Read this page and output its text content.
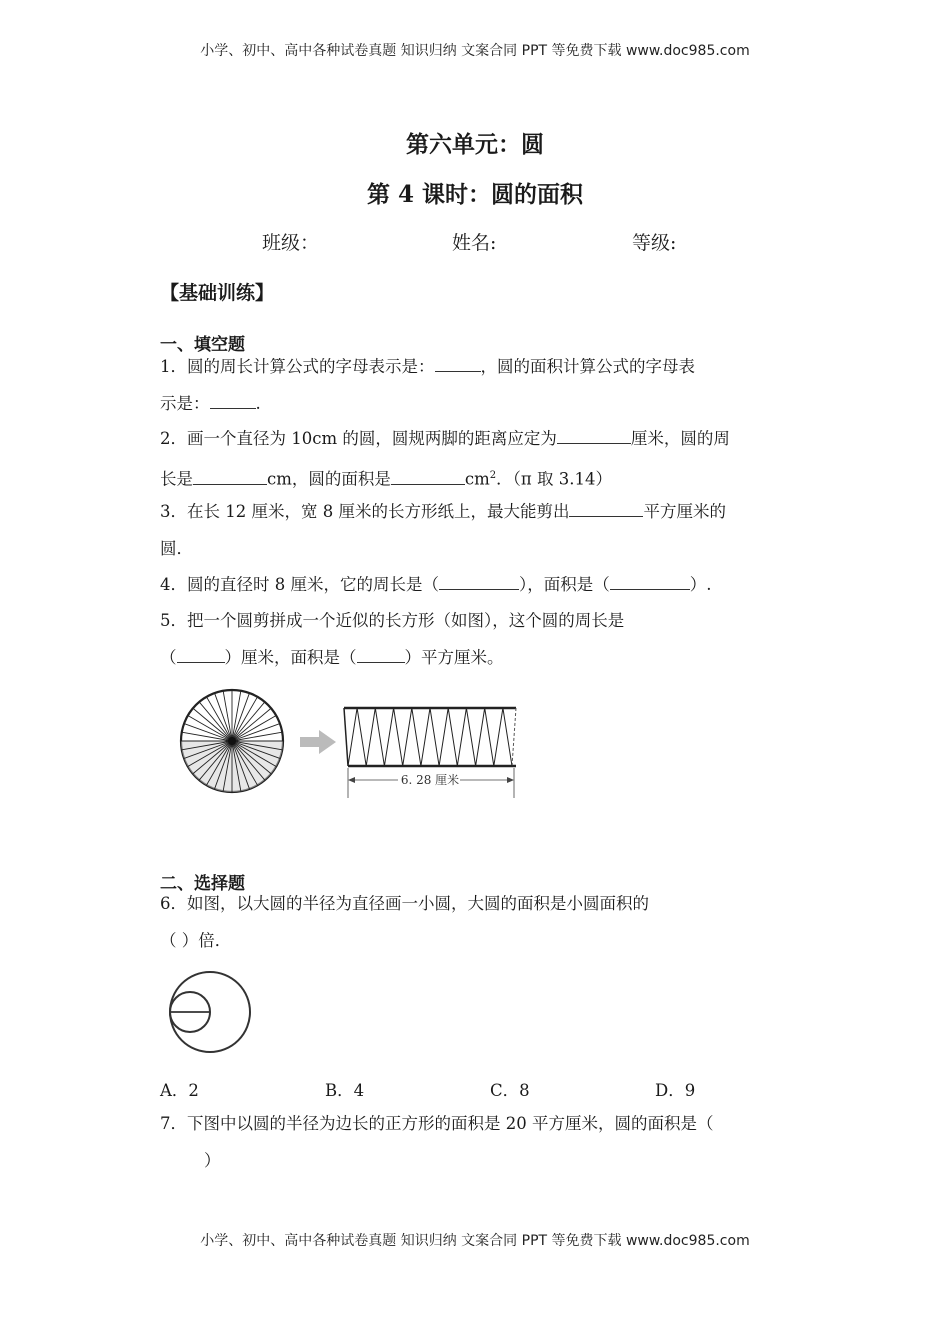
小学、初中、高中各种试卷真题 知识归纳 文案合同 PPT 等免费下载 www.doc985.com
第六单元：圆
第 4 课时：圆的面积
班级：	姓名:	等级:
【基础训练】
一、填空题

1．圆的周长计算公式的字母表示是：	，圆的面积计算公式的字母表

示是：	.

2．画一个直径为 10cm 的圆，圆规两脚的距离应定为	厘米，圆的周

长是	cm，圆的面积是	$cm^2$．（π 取 3.14）

3．在长 12 厘米，宽 8 厘米的长方形纸上，最大能剪出	平方厘米的

圆．

4．圆的直径时 8 厘米，它的周长是（	），面积是（	）.

5．把一个圆剪拼成一个近似的长方形（如图），这个圆的周长是

（	）厘米，面积是（	）平方厘米。

6. 28 厘米
二、选择题

6．如图，以大圆的半径为直径画一小圆，大圆的面积是小圆面积的

（ ）倍．

A．2	B．4	C．8	D．9

7．下图中以圆的半径为边长的正方形的面积是 20 平方厘米，圆的面积是（

）

小学、初中、高中各种试卷真题 知识归纳 文案合同 PPT 等免费下载 www.doc985.com
